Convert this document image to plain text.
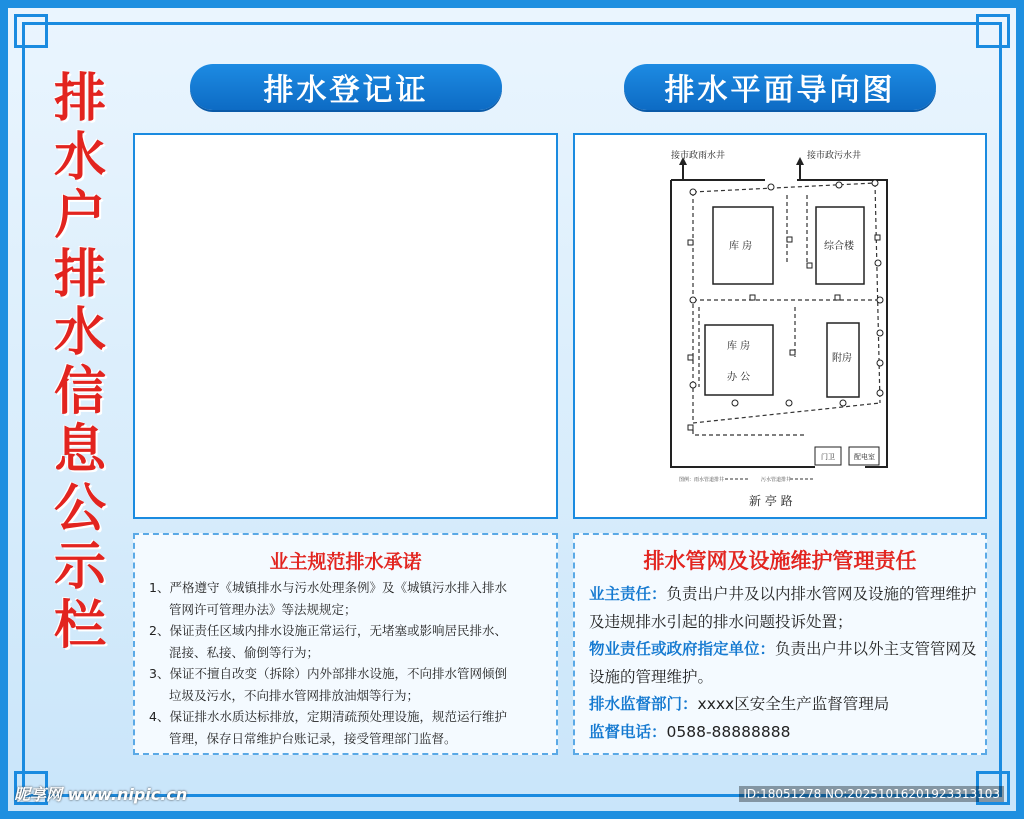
排
水
户
排
水
信
息
公
示
栏
排水登记证	排水平面导向图
接市政雨水井	接市政污水井
库 房	综合楼
库 房
办 公
附房
门卫	配电室
图例：雨水管道排井	污水管道排井
新 亭 路
业主规范排水承诺
1、严格遵守《城镇排水与污水处理条例》及《城镇污水排入排水
管网许可管理办法》等法规规定；
2、保证责任区域内排水设施正常运行，无堵塞或影响居民排水、
混接、私接、偷倒等行为；
3、保证不擅自改变（拆除）内外部排水设施，不向排水管网倾倒
垃圾及污水，不向排水管网排放油烟等行为；
4、保证排水水质达标排放，定期清疏预处理设施，规范运行维护
管理，保存日常维护台账记录，接受管理部门监督。
排水管网及设施维护管理责任
业主责任：负责出户井及以内排水管网及设施的管理维护及违规排水引起的排水问题投诉处置；
物业责任或政府指定单位：负责出户井以外主支管管网及设施的管理维护。
排水监督部门：xxxx区安全生产监督管理局
监督电话：0588-88888888
昵享网 www.nipic.cn	ID:18051278 NO:20251016201923313103
